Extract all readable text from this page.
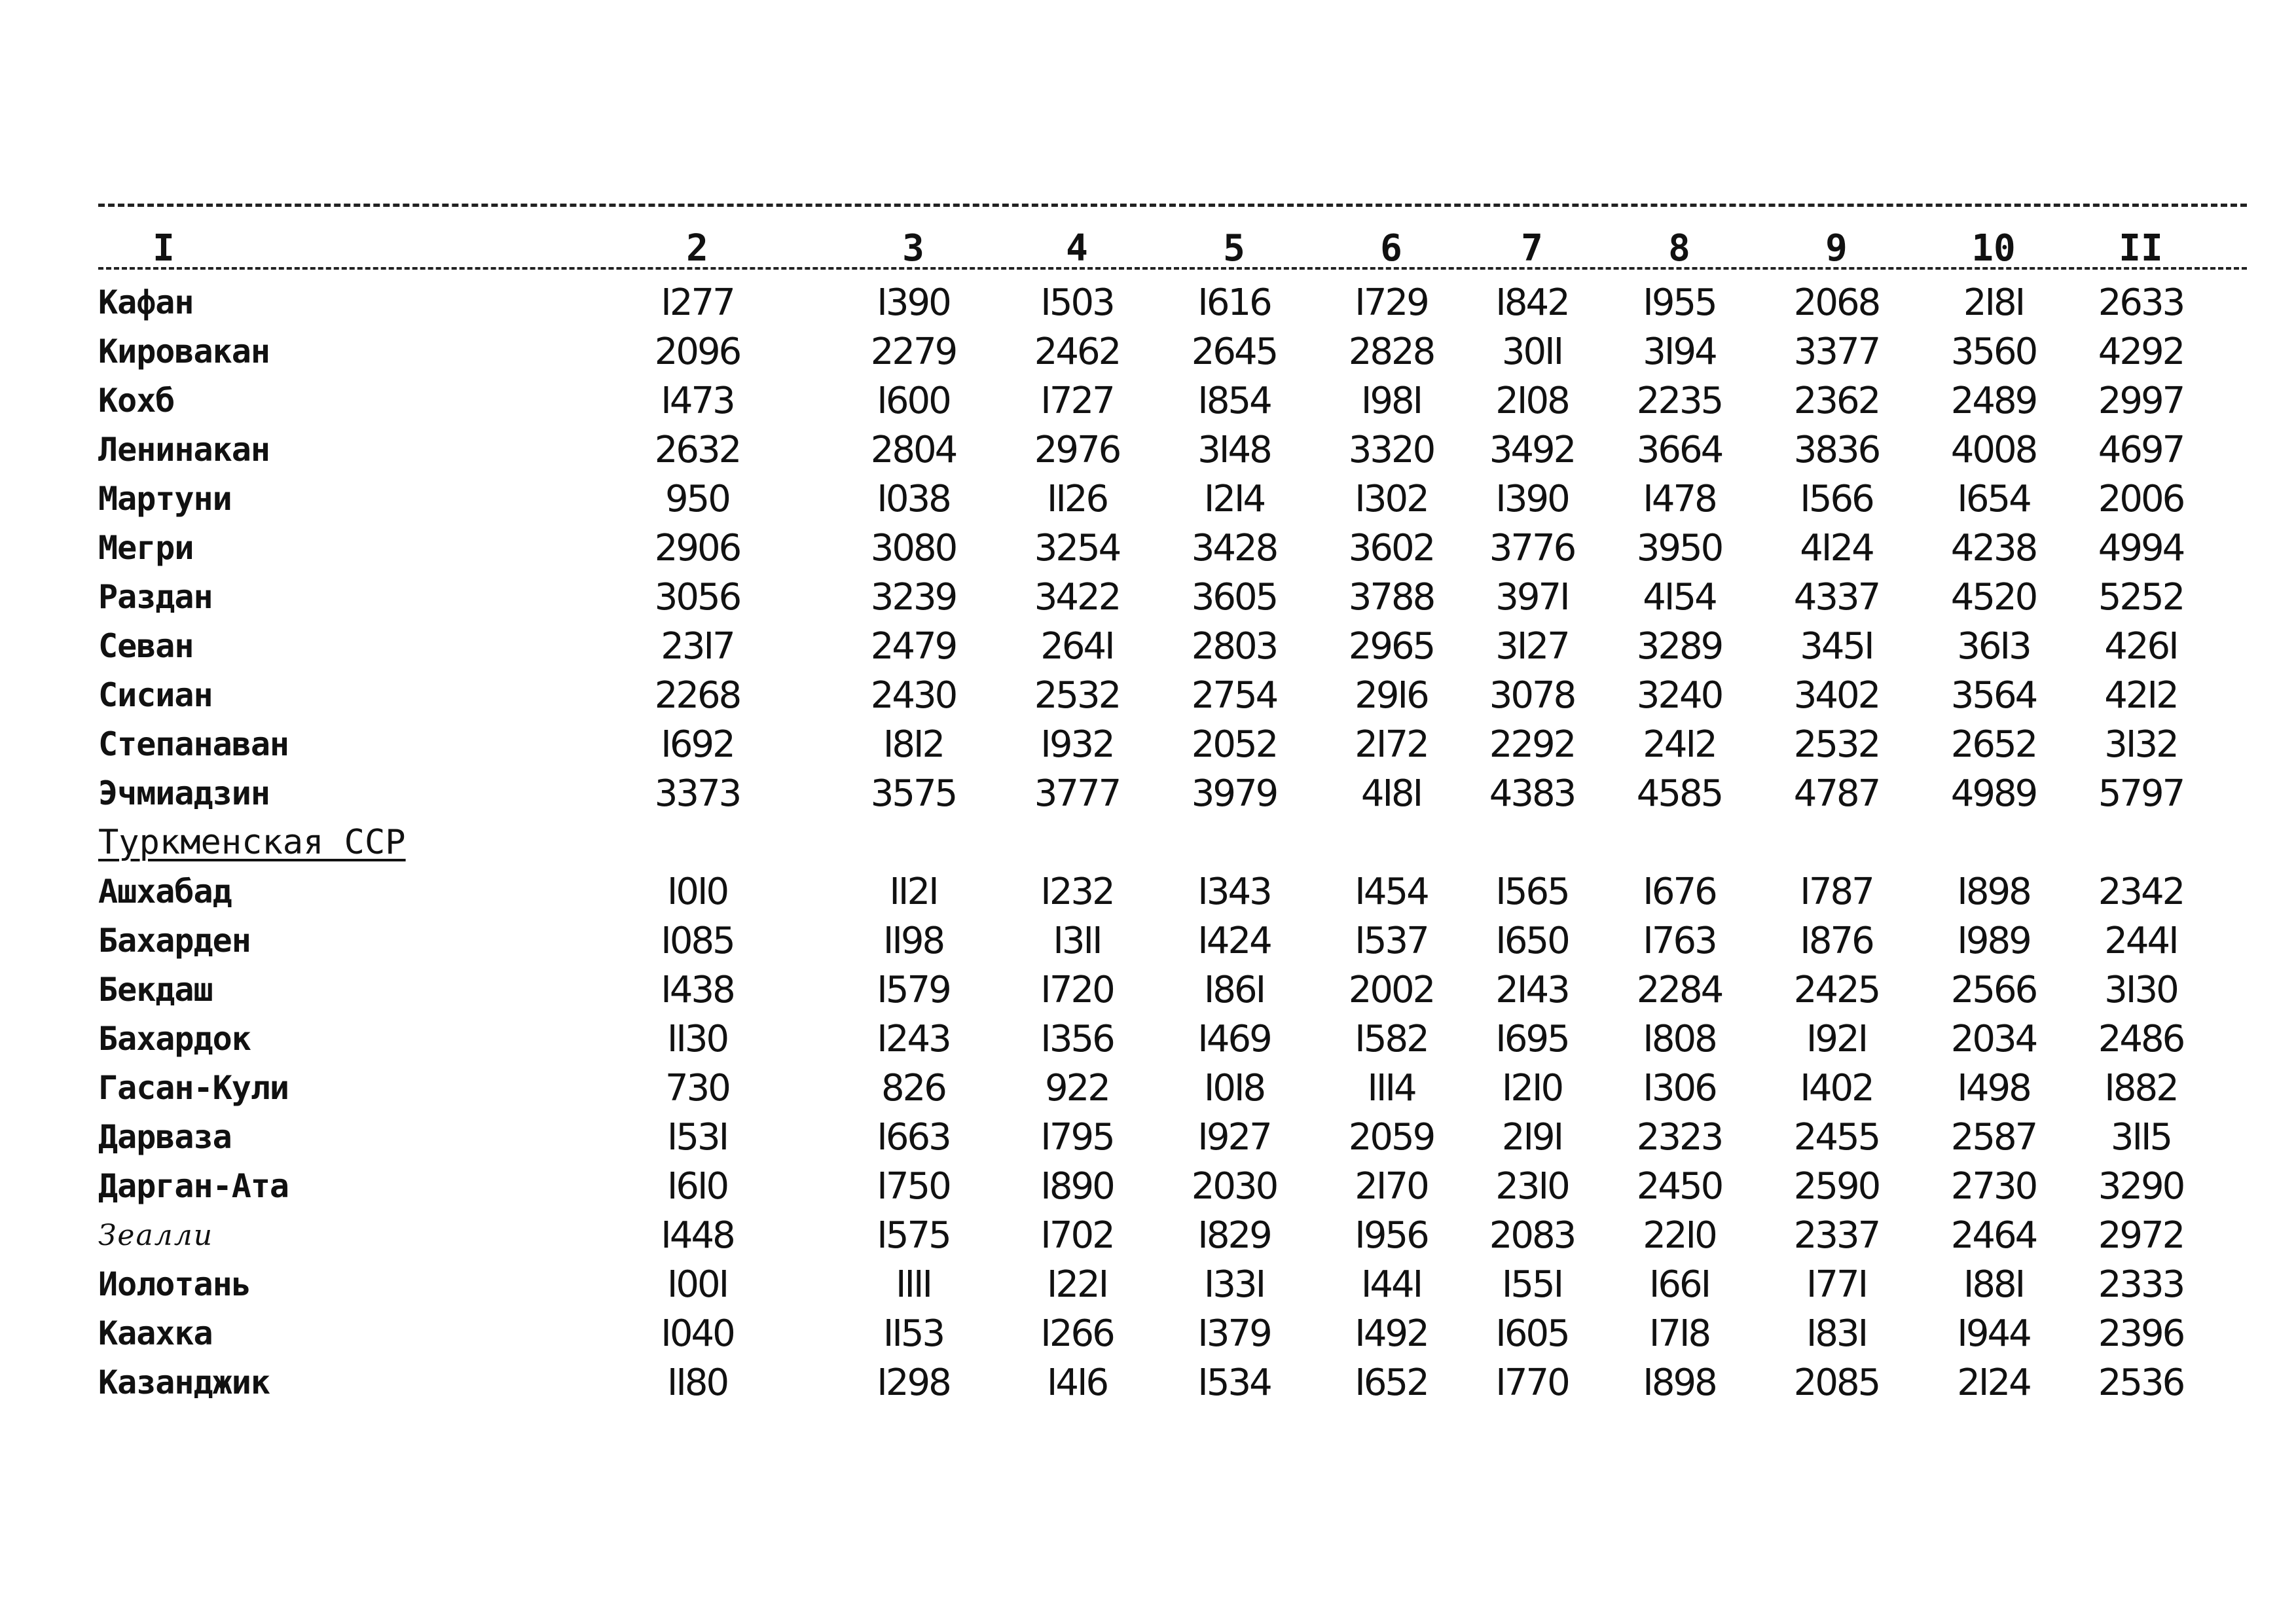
I	2	3	4	5	6	7	8	9	10	II
Кафан	I277	I390	I503	I616	I729	I842	I955	2068	2I8I	2633
Кировакан	2096	2279	2462	2645	2828	30II	3I94	3377	3560	4292
Кохб	I473	I600	I727	I854	I98I	2I08	2235	2362	2489	2997
Ленинакан	2632	2804	2976	3I48	3320	3492	3664	3836	4008	4697
Мартуни	950	I038	II26	I2I4	I302	I390	I478	I566	I654	2006
Мегри	2906	3080	3254	3428	3602	3776	3950	4I24	4238	4994
Раздан	3056	3239	3422	3605	3788	397I	4I54	4337	4520	5252
Севан	23I7	2479	264I	2803	2965	3I27	3289	345I	36I3	426I
Сисиан	2268	2430	2532	2754	29I6	3078	3240	3402	3564	42I2
Степанаван	I692	I8I2	I932	2052	2I72	2292	24I2	2532	2652	3I32
Эчмиадзин	3373	3575	3777	3979	4I8I	4383	4585	4787	4989	5797
Туркменская ССР
Ашхабад	I0I0	II2I	I232	I343	I454	I565	I676	I787	I898	2342
Бахарден	I085	II98	I3II	I424	I537	I650	I763	I876	I989	244I
Бекдаш	I438	I579	I720	I86I	2002	2I43	2284	2425	2566	3I30
Бахардок	II30	I243	I356	I469	I582	I695	I808	I92I	2034	2486
Гасан-Кули	730	826	922	I0I8	III4	I2I0	I306	I402	I498	I882
Дарваза	I53I	I663	I795	I927	2059	2I9I	2323	2455	2587	3II5
Дарган-Ата	I6I0	I750	I890	2030	2I70	23I0	2450	2590	2730	3290
Зеалли	I448	I575	I702	I829	I956	2083	22I0	2337	2464	2972
Иолотань	I00I	IIII	I22I	I33I	I44I	I55I	I66I	I77I	I88I	2333
Каахка	I040	II53	I266	I379	I492	I605	I7I8	I83I	I944	2396
Казанджик	II80	I298	I4I6	I534	I652	I770	I898	2085	2I24	2536
